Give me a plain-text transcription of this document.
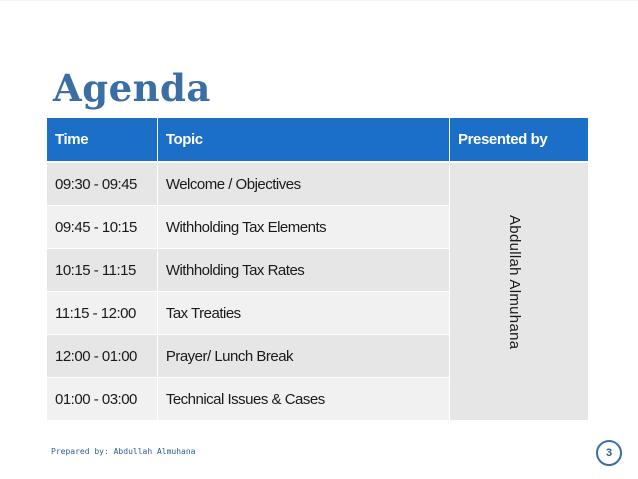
Agenda
Time	Topic	Presented by
09:30 - 09:45	Welcome / Objectives	Abdullah Almuhana

09:45 - 10:15	Withholding Tax Elements	
10:15 - 11:15	Withholding Tax Rates	
11:15 - 12:00	Tax Treaties	
12:00 - 01:00	Prayer/ Lunch Break	
01:00 - 03:00	Technical Issues & Cases	
Prepared by: Abdullah Almuhana	3
